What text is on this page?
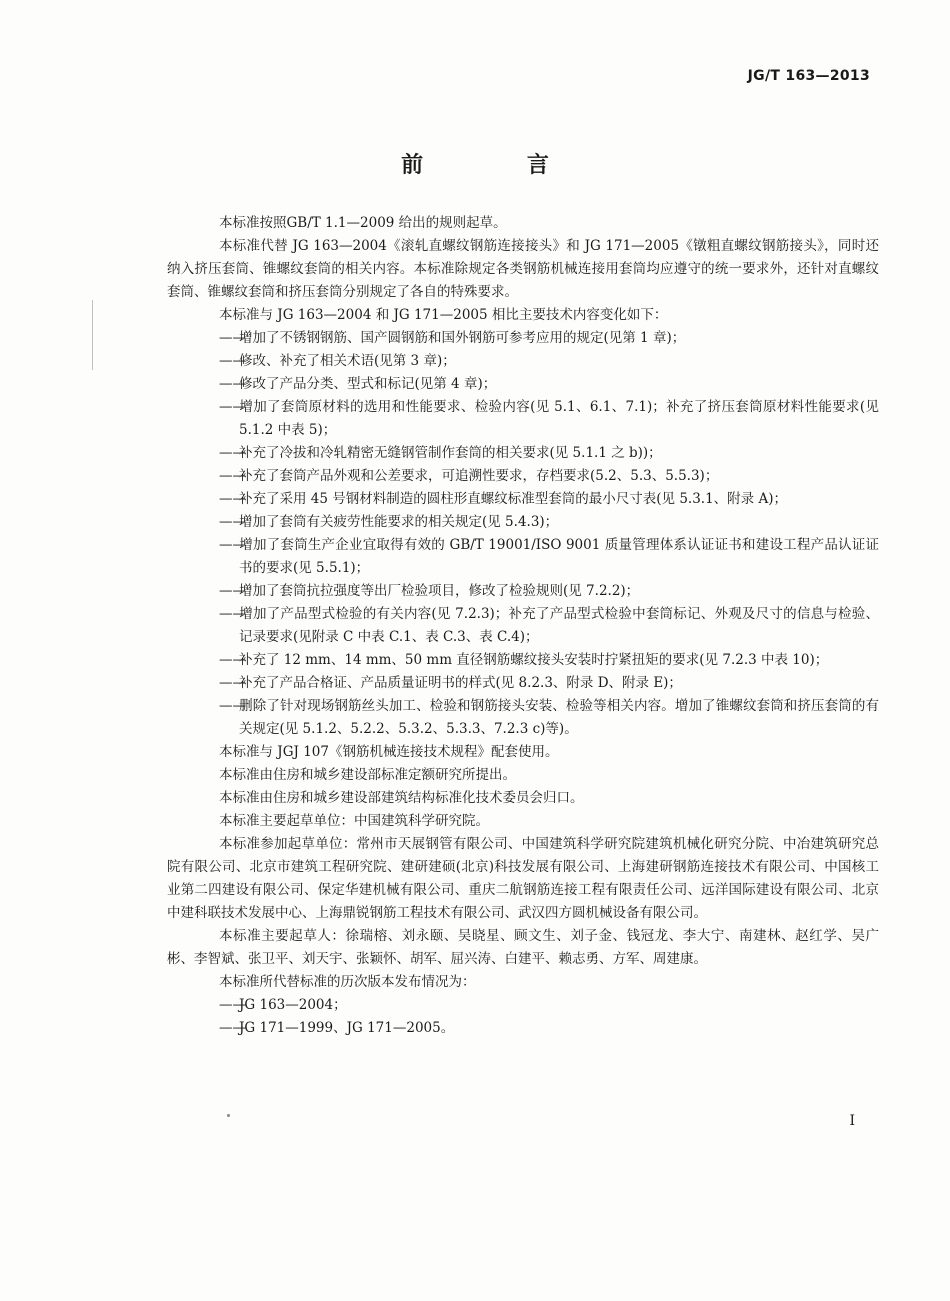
JG/T 163—2013
前 言

本标准按照GB/T 1.1—2009 给出的规则起草。

本标准代替 JG 163—2004《滚轧直螺纹钢筋连接接头》和 JG 171—2005《镦粗直螺纹钢筋接头》，同时还纳入挤压套筒、锥螺纹套筒的相关内容。本标准除规定各类钢筋机械连接用套筒均应遵守的统一要求外，还针对直螺纹套筒、锥螺纹套筒和挤压套筒分别规定了各自的特殊要求。

本标准与 JG 163—2004 和 JG 171—2005 相比主要技术内容变化如下：

——增加了不锈钢钢筋、国产圆钢筋和国外钢筋可参考应用的规定(见第 1 章)；

——修改、补充了相关术语(见第 3 章)；

——修改了产品分类、型式和标记(见第 4 章)；

——增加了套筒原材料的选用和性能要求、检验内容(见 5.1、6.1、7.1)；补充了挤压套筒原材料性能要求(见 5.1.2 中表 5)；

——补充了冷拔和冷轧精密无缝钢管制作套筒的相关要求(见 5.1.1 之 b))；

——补充了套筒产品外观和公差要求，可追溯性要求，存档要求(5.2、5.3、5.5.3)；

——补充了采用 45 号钢材料制造的圆柱形直螺纹标准型套筒的最小尺寸表(见 5.3.1、附录 A)；

——增加了套筒有关疲劳性能要求的相关规定(见 5.4.3)；

——增加了套筒生产企业宜取得有效的 GB/T 19001/ISO 9001 质量管理体系认证证书和建设工程产品认证证书的要求(见 5.5.1)；

——增加了套筒抗拉强度等出厂检验项目，修改了检验规则(见 7.2.2)；

——增加了产品型式检验的有关内容(见 7.2.3)；补充了产品型式检验中套筒标记、外观及尺寸的信息与检验、记录要求(见附录 C 中表 C.1、表 C.3、表 C.4)；

——补充了 12 mm、14 mm、50 mm 直径钢筋螺纹接头安装时拧紧扭矩的要求(见 7.2.3 中表 10)；

——补充了产品合格证、产品质量证明书的样式(见 8.2.3、附录 D、附录 E)；

——删除了针对现场钢筋丝头加工、检验和钢筋接头安装、检验等相关内容。增加了锥螺纹套筒和挤压套筒的有关规定(见 5.1.2、5.2.2、5.3.2、5.3.3、7.2.3 c)等)。

本标准与 JGJ 107《钢筋机械连接技术规程》配套使用。

本标准由住房和城乡建设部标准定额研究所提出。

本标准由住房和城乡建设部建筑结构标准化技术委员会归口。

本标准主要起草单位：中国建筑科学研究院。

本标准参加起草单位：常州市天展钢管有限公司、中国建筑科学研究院建筑机械化研究分院、中冶建筑研究总院有限公司、北京市建筑工程研究院、建研建硕(北京)科技发展有限公司、上海建研钢筋连接技术有限公司、中国核工业第二四建设有限公司、保定华建机械有限公司、重庆二航钢筋连接工程有限责任公司、远洋国际建设有限公司、北京中建科联技术发展中心、上海鼎锐钢筋工程技术有限公司、武汉四方圆机械设备有限公司。

本标准主要起草人：徐瑞榕、刘永颐、吴晓星、顾文生、刘子金、钱冠龙、李大宁、南建林、赵红学、吴广彬、李智斌、张卫平、刘天宇、张颖怀、胡军、屈兴涛、白建平、赖志勇、方军、周建康。

本标准所代替标准的历次版本发布情况为：

——JG 163—2004；

——JG 171—1999、JG 171—2005。

I
